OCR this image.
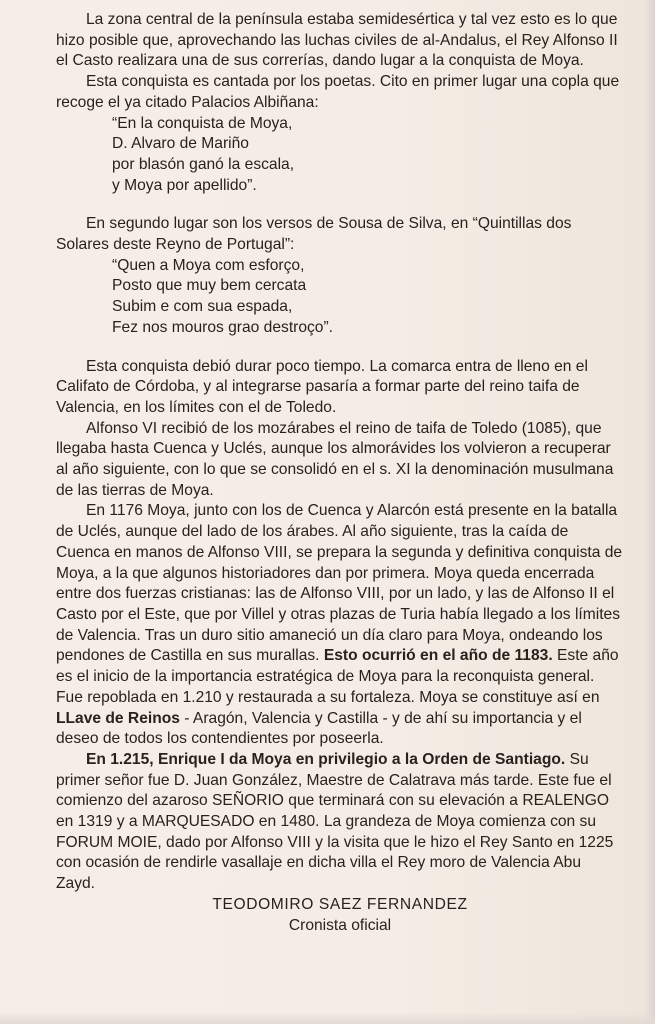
La zona central de la península estaba semidesértica y tal vez esto es lo que hizo posible que, aprovechando las luchas civiles de al-Andalus, el Rey Alfonso II el Casto realizara una de sus correrías, dando lugar a la conquista de Moya.

Esta conquista es cantada por los poetas. Cito en primer lugar una copla que recoge el ya citado Palacios Albiñana:

“En la conquista de Moya,

D. Alvaro de Mariño

por blasón ganó la escala,

y Moya por apellido”.

En segundo lugar son los versos de Sousa de Silva, en “Quintillas dos Solares deste Reyno de Portugal”:

“Quen a Moya com esforço,

Posto que muy bem cercata

Subim e com sua espada,

Fez nos mouros grao destroço”.

Esta conquista debió durar poco tiempo. La comarca entra de lleno en el Califato de Córdoba, y al integrarse pasaría a formar parte del reino taifa de Valencia, en los límites con el de Toledo.

Alfonso VI recibió de los mozárabes el reino de taifa de Toledo (1085), que llegaba hasta Cuenca y Uclés, aunque los almorávides los volvieron a recuperar al año siguiente, con lo que se consolidó en el s. XI la denominación musulmana de las tierras de Moya.

En 1176 Moya, junto con los de Cuenca y Alarcón está presente en la batalla de Uclés, aunque del lado de los árabes. Al año siguiente, tras la caída de Cuenca en manos de Alfonso VIII, se prepara la segunda y definitiva conquista de Moya, a la que algunos historiadores dan por primera. Moya queda encerrada entre dos fuerzas cristianas: las de Alfonso VIII, por un lado, y las de Alfonso II el Casto por el Este, que por Villel y otras plazas de Turia había llegado a los límites de Valencia. Tras un duro sitio amaneció un día claro para Moya, ondeando los pendones de Castilla en sus murallas. Esto ocurrió en el año de 1183. Este año es el inicio de la importancia estratégica de Moya para la reconquista general. Fue repoblada en 1.210 y restaurada a su fortaleza. Moya se constituye así en LLave de Reinos - Aragón, Valencia y Castilla - y de ahí su importancia y el deseo de todos los contendientes por poseerla.

En 1.215, Enrique I da Moya en privilegio a la Orden de Santiago. Su primer señor fue D. Juan González, Maestre de Calatrava más tarde. Este fue el comienzo del azaroso SEÑORIO que terminará con su elevación a REALENGO en 1319 y a MARQUESADO en 1480. La grandeza de Moya comienza con su FORUM MOIE, dado por Alfonso VIII y la visita que le hizo el Rey Santo en 1225 con ocasión de rendirle vasallaje en dicha villa el Rey moro de Valencia Abu Zayd.

TEODOMIRO SAEZ FERNANDEZ

Cronista oficial
